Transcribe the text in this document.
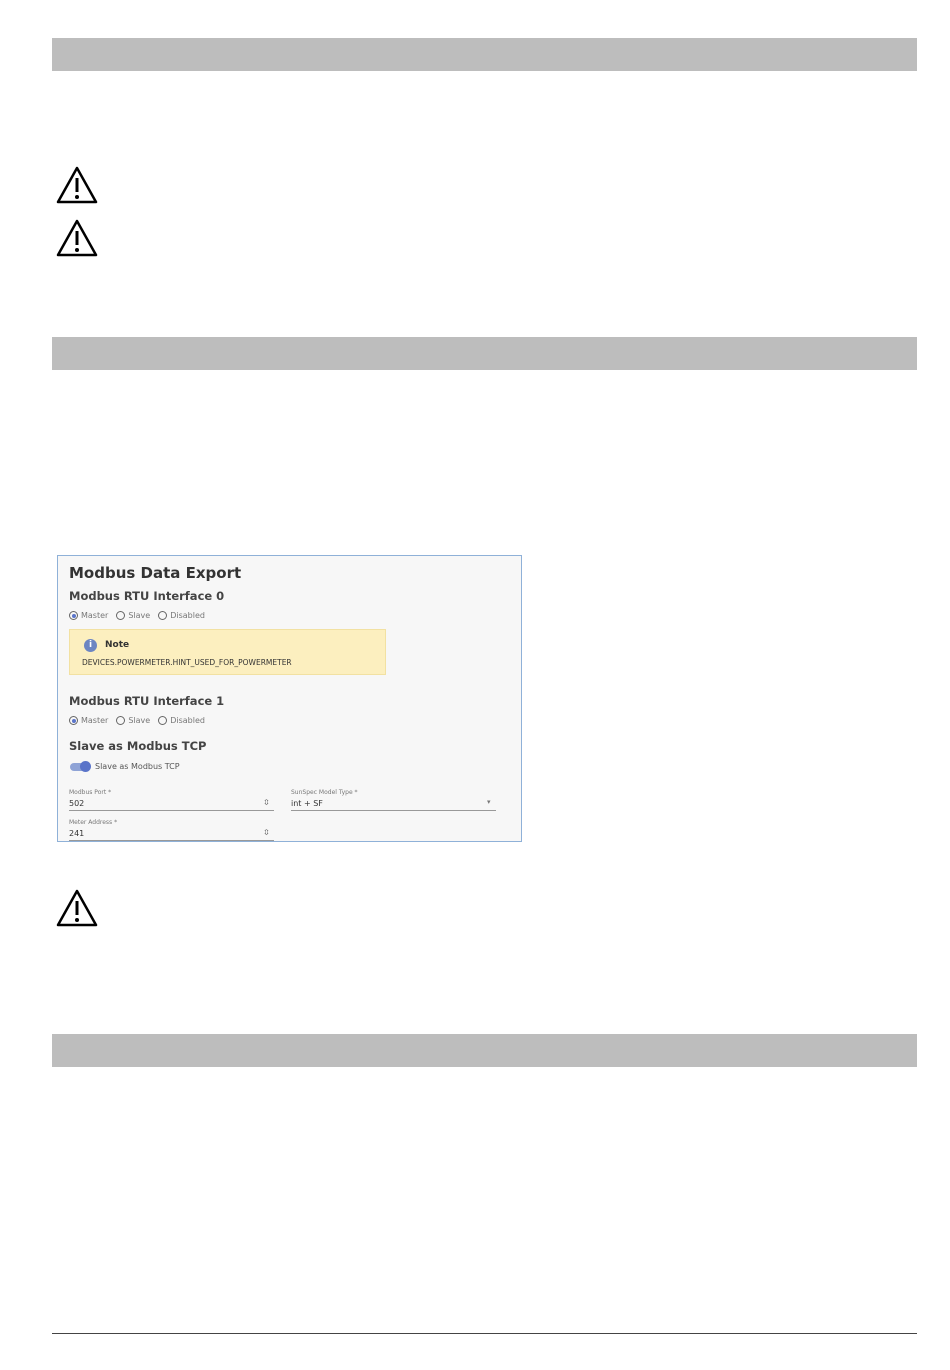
Modbus Data Export
Modbus RTU Interface 0
Master	Slave	Disabled
i	Note
DEVICES.POWERMETER.HINT_USED_FOR_POWERMETER
Modbus RTU Interface 1
Master	Slave	Disabled
Slave as Modbus TCP
Slave as Modbus TCP
Modbus Port *
502	⇳
SunSpec Model Type *
int + SF	▾
Meter Address *
241	⇳
